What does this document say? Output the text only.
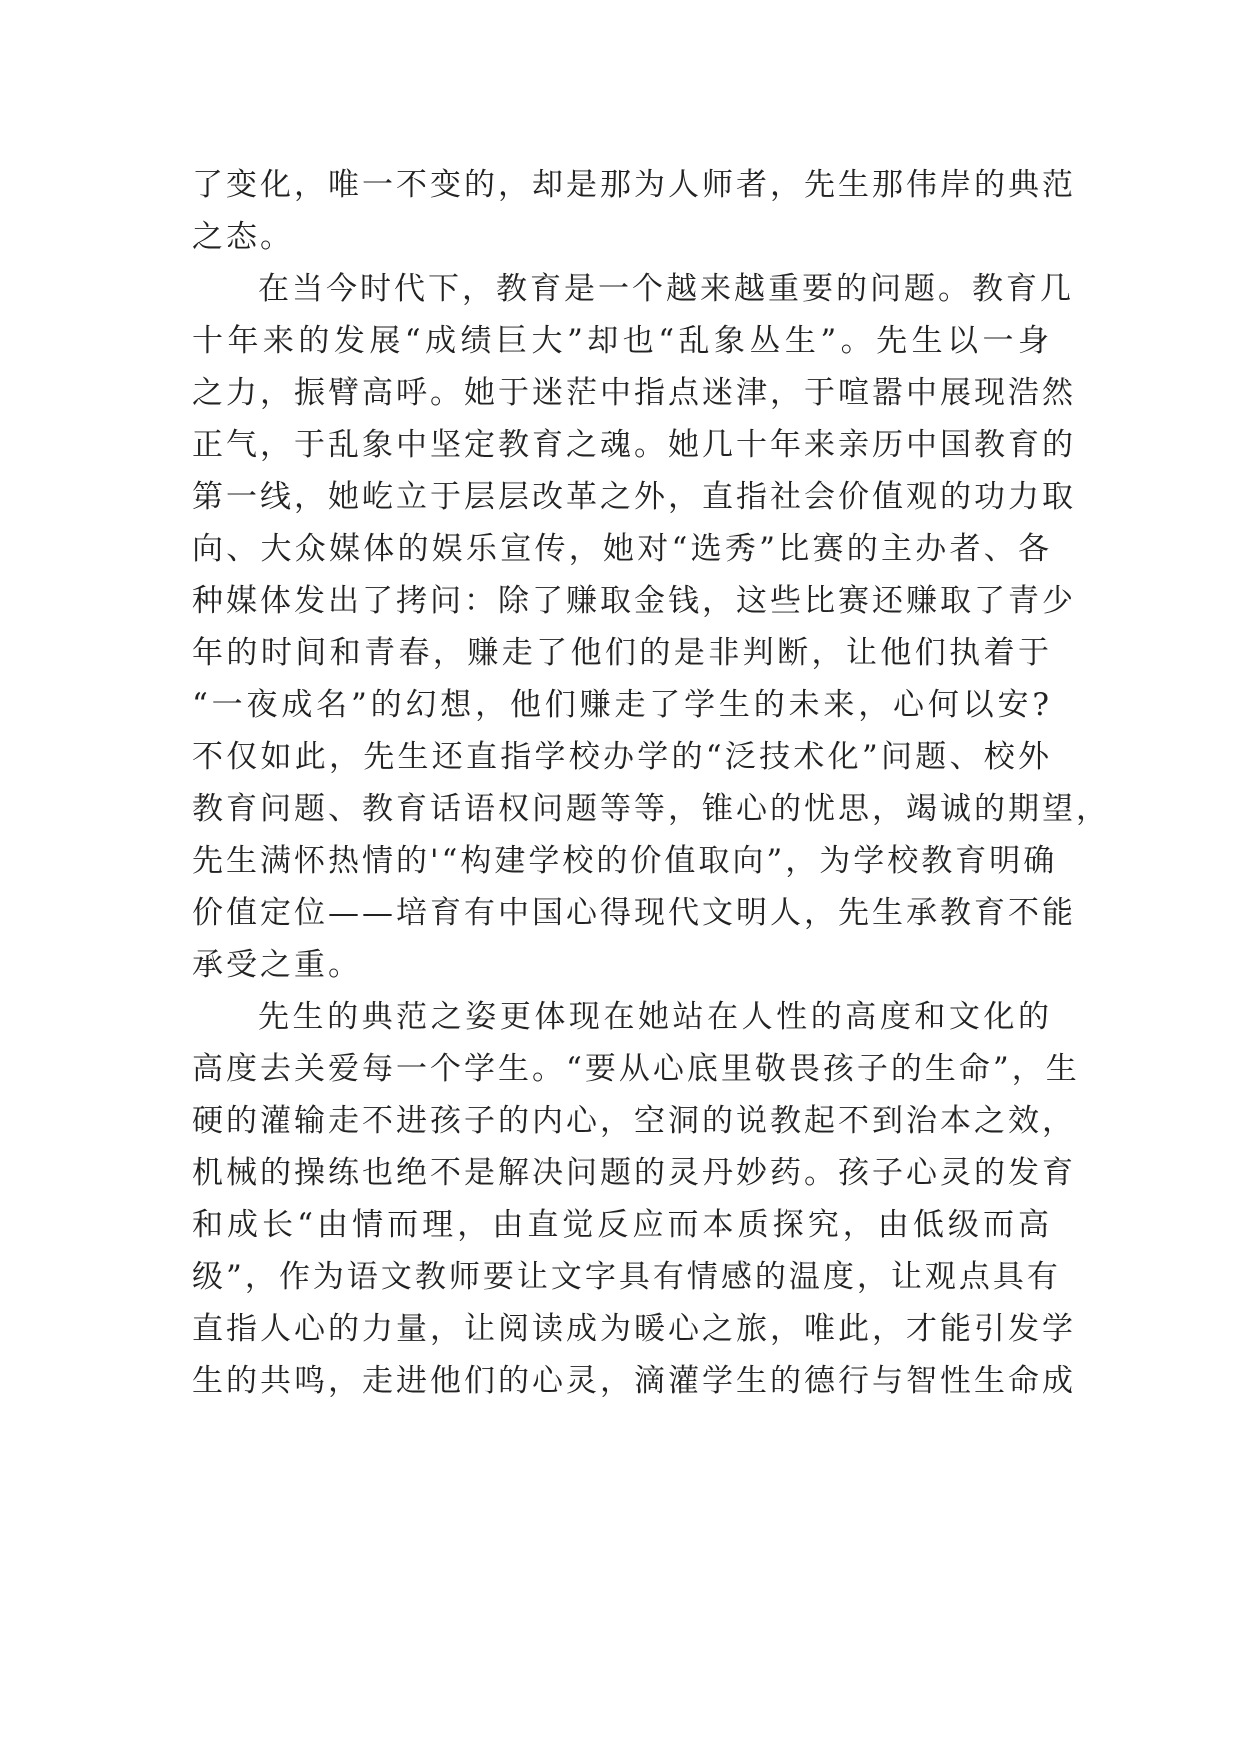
了变化，唯一不变的，却是那为人师者，先生那伟岸的典范
之态。
在当今时代下，教育是一个越来越重要的问题。教育几
十年来的发展“成绩巨大”却也“乱象丛生”。先生以一身
之力，振臂高呼。她于迷茫中指点迷津，于喧嚣中展现浩然
正气，于乱象中坚定教育之魂。她几十年来亲历中国教育的
第一线，她屹立于层层改革之外，直指社会价值观的功力取
向、大众媒体的娱乐宣传，她对“选秀”比赛的主办者、各
种媒体发出了拷问：除了赚取金钱，这些比赛还赚取了青少
年的时间和青春，赚走了他们的是非判断，让他们执着于
“一夜成名”的幻想，他们赚走了学生的未来，心何以安?
不仅如此，先生还直指学校办学的“泛技术化”问题、校外
教育问题、教育话语权问题等等，锥心的忧思，竭诚的期望，
先生满怀热情的'“构建学校的价值取向”，为学校教育明确
价值定位——培育有中国心得现代文明人，先生承教育不能
承受之重。
先生的典范之姿更体现在她站在人性的高度和文化的
高度去关爱每一个学生。“要从心底里敬畏孩子的生命”，生
硬的灌输走不进孩子的内心，空洞的说教起不到治本之效，
机械的操练也绝不是解决问题的灵丹妙药。孩子心灵的发育
和成长“由情而理，由直觉反应而本质探究，由低级而高
级”，作为语文教师要让文字具有情感的温度，让观点具有
直指人心的力量，让阅读成为暖心之旅，唯此，才能引发学
生的共鸣，走进他们的心灵，滴灌学生的德行与智性生命成
